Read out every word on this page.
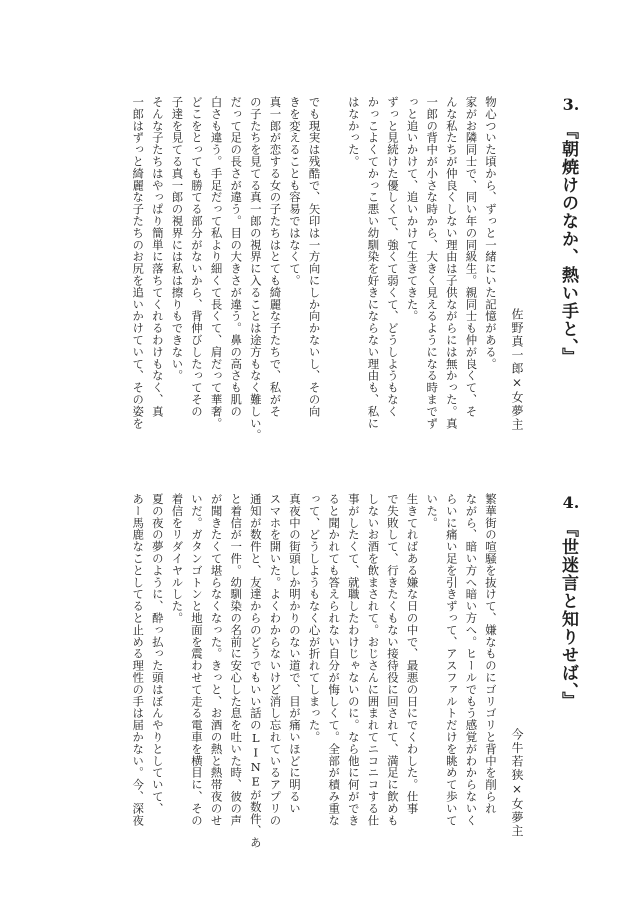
3.
『朝焼けのなか、熱い手と、』
佐野真一郎×女夢主
物心ついた頃から、ずっと一緒にいた記憶がある。
家がお隣同士で、同い年の同級生。親同士も仲が良くて、そ
んな私たちが仲良くしない理由は子供ながらには無かった。真
一郎の背中が小さな時から、大きく見えるようになる時までず
っと追いかけて、追いかけて生きてきた。
ずっと見続けた優しくて、強くて弱くて、どうしようもなく
かっこよくてかっこ悪い幼馴染を好きにならない理由も、私に
はなかった。
でも現実は残酷で、矢印は一方向にしか向かないし、その向
きを変えることも容易ではなくて。
真一郎が恋する女の子たちはとても綺麗な子たちで、私がそ
の子たちを見てる真一郎の視界に入ることは途方もなく難しい。
だって足の長さが違う。目の大きさが違う。鼻の高さも肌の
白さも違う。手足だって私より細くて長くて、肩だって華奢。
どこをとっても勝てる部分がないから、背伸びしたってその
子達を見てる真一郎の視界には私は擦りもできない。
そんな子たちはやっぱり簡単に落ちてくれるわけもなく、真
一郎はずっと綺麗な子たちのお尻を追いかけていて、その姿を
4.
『世迷言と知りせば、』
今牛若狭×女夢主
繁華街の喧騒を抜けて、嫌なものにゴリゴリと背中を削られ
ながら、暗い方へ暗い方へ。ヒールでもう感覚がわからないく
らいに痛い足を引きずって、アスファルトだけを眺めて歩いて
いた。
生きてればある嫌な日の中で、最悪の日にでくわした。仕事
で失敗して、行きたくもない接待役に回されて、満足に飲めも
しないお酒を飲まされて。おじさんに囲まれてニコニコする仕
事がしたくて、就職したわけじゃないのに。なら他に何ができ
ると聞かれても答えられない自分が悔しくて。全部が積み重な
って、どうしようもなく心が折れてしまった。
真夜中の街頭しか明かりのない道で、目が痛いほどに明るい
スマホを開いた。よくわからないけど消し忘れているアプリの
通知が数件と、友達からのどうでもいい話のLINEが数件、あ
と着信が一件。幼馴染の名前に安心した息を吐いた時、彼の声
が聞きたくて堪らなくなった。きっと、お酒の熱と熱帯夜のせ
いだ。ガタンゴトンと地面を震わせて走る電車を横目に、その
着信をリダイヤルした。
夏の夜の夢のように、酔っ払った頭はぼんやりとしていて、
あー馬鹿なことしてると止める理性の手は届かない。今、深夜
